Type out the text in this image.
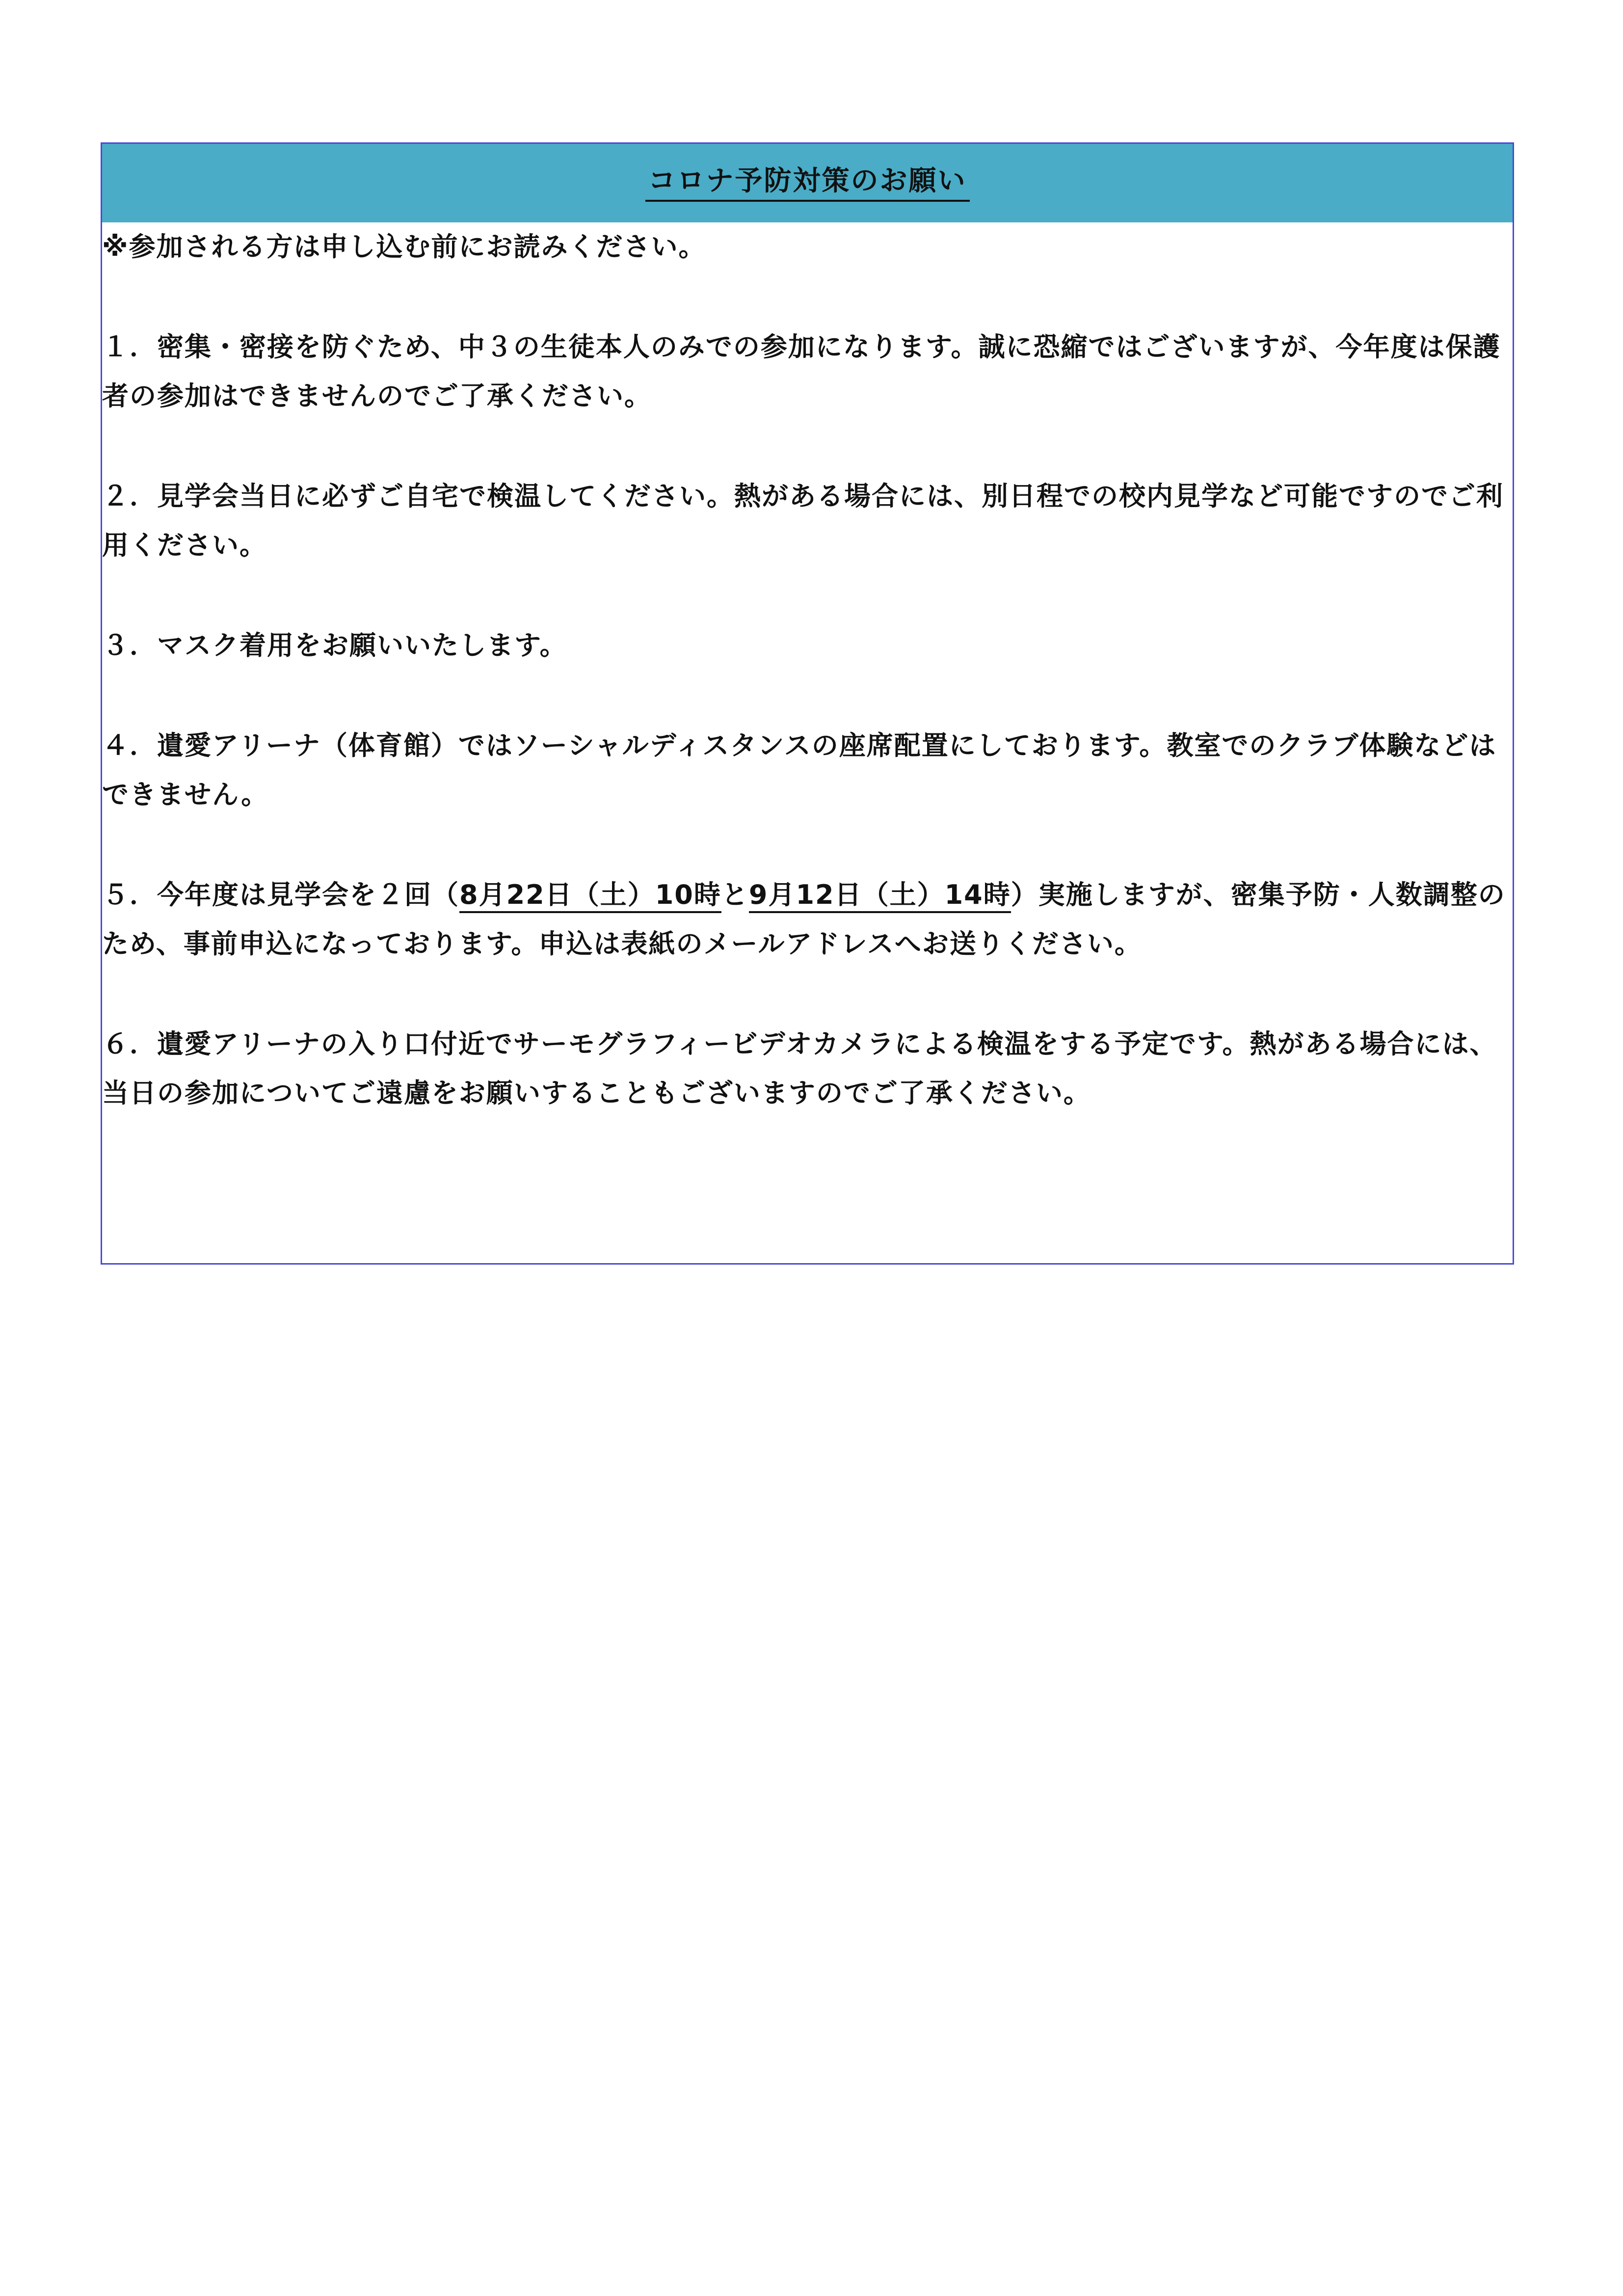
コロナ予防対策のお願い

※参加される方は申し込む前にお読みください。

１．密集・密接を防ぐため、中３の生徒本人のみでの参加になります。誠に恐縮ではございますが、今年度は保護者の参加はできませんのでご了承ください。

２．見学会当日に必ずご自宅で検温してください。熱がある場合には、別日程での校内見学など可能ですのでご利用ください。

３．マスク着用をお願いいたします。

４．遺愛アリーナ（体育館）ではソーシャルディスタンスの座席配置にしております。教室でのクラブ体験などはできません。

５．今年度は見学会を２回（8月22日（土）10時と9月12日（土）14時）実施しますが、密集予防・人数調整のため、事前申込になっております。申込は表紙のメールアドレスへお送りください。

６．遺愛アリーナの入り口付近でサーモグラフィービデオカメラによる検温をする予定です。熱がある場合には、当日の参加についてご遠慮をお願いすることもございますのでご了承ください。
